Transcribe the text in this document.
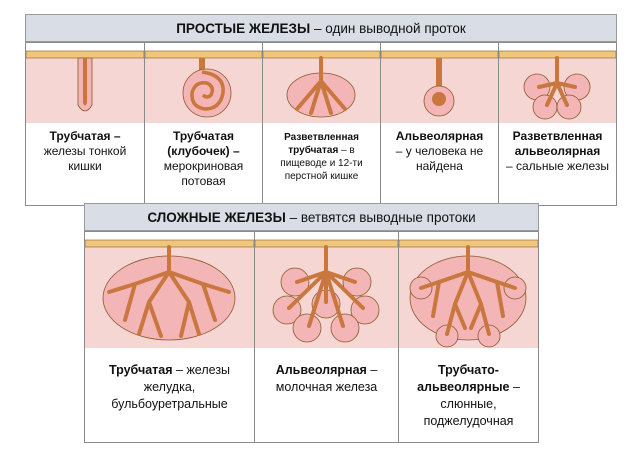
ПРОСТЫЕ ЖЕЛЕЗЫ – один выводной проток
Трубчатая –
железы тонкой кишки
Трубчатая (клубочек) –
мерокриновая потовая
Разветвленная трубчатая – в пищеводе и 12-ти перстной кишке
Альвеолярная
– у человека не найдена
Разветвленная альвеолярная
– сальные железы
СЛОЖНЫЕ ЖЕЛЕЗЫ – ветвятся выводные протоки
Трубчатая – железы желудка, бульбоуретральные
Альвеолярная – молочная железа
Трубчато-альвеолярные – слюнные, поджелудочная
